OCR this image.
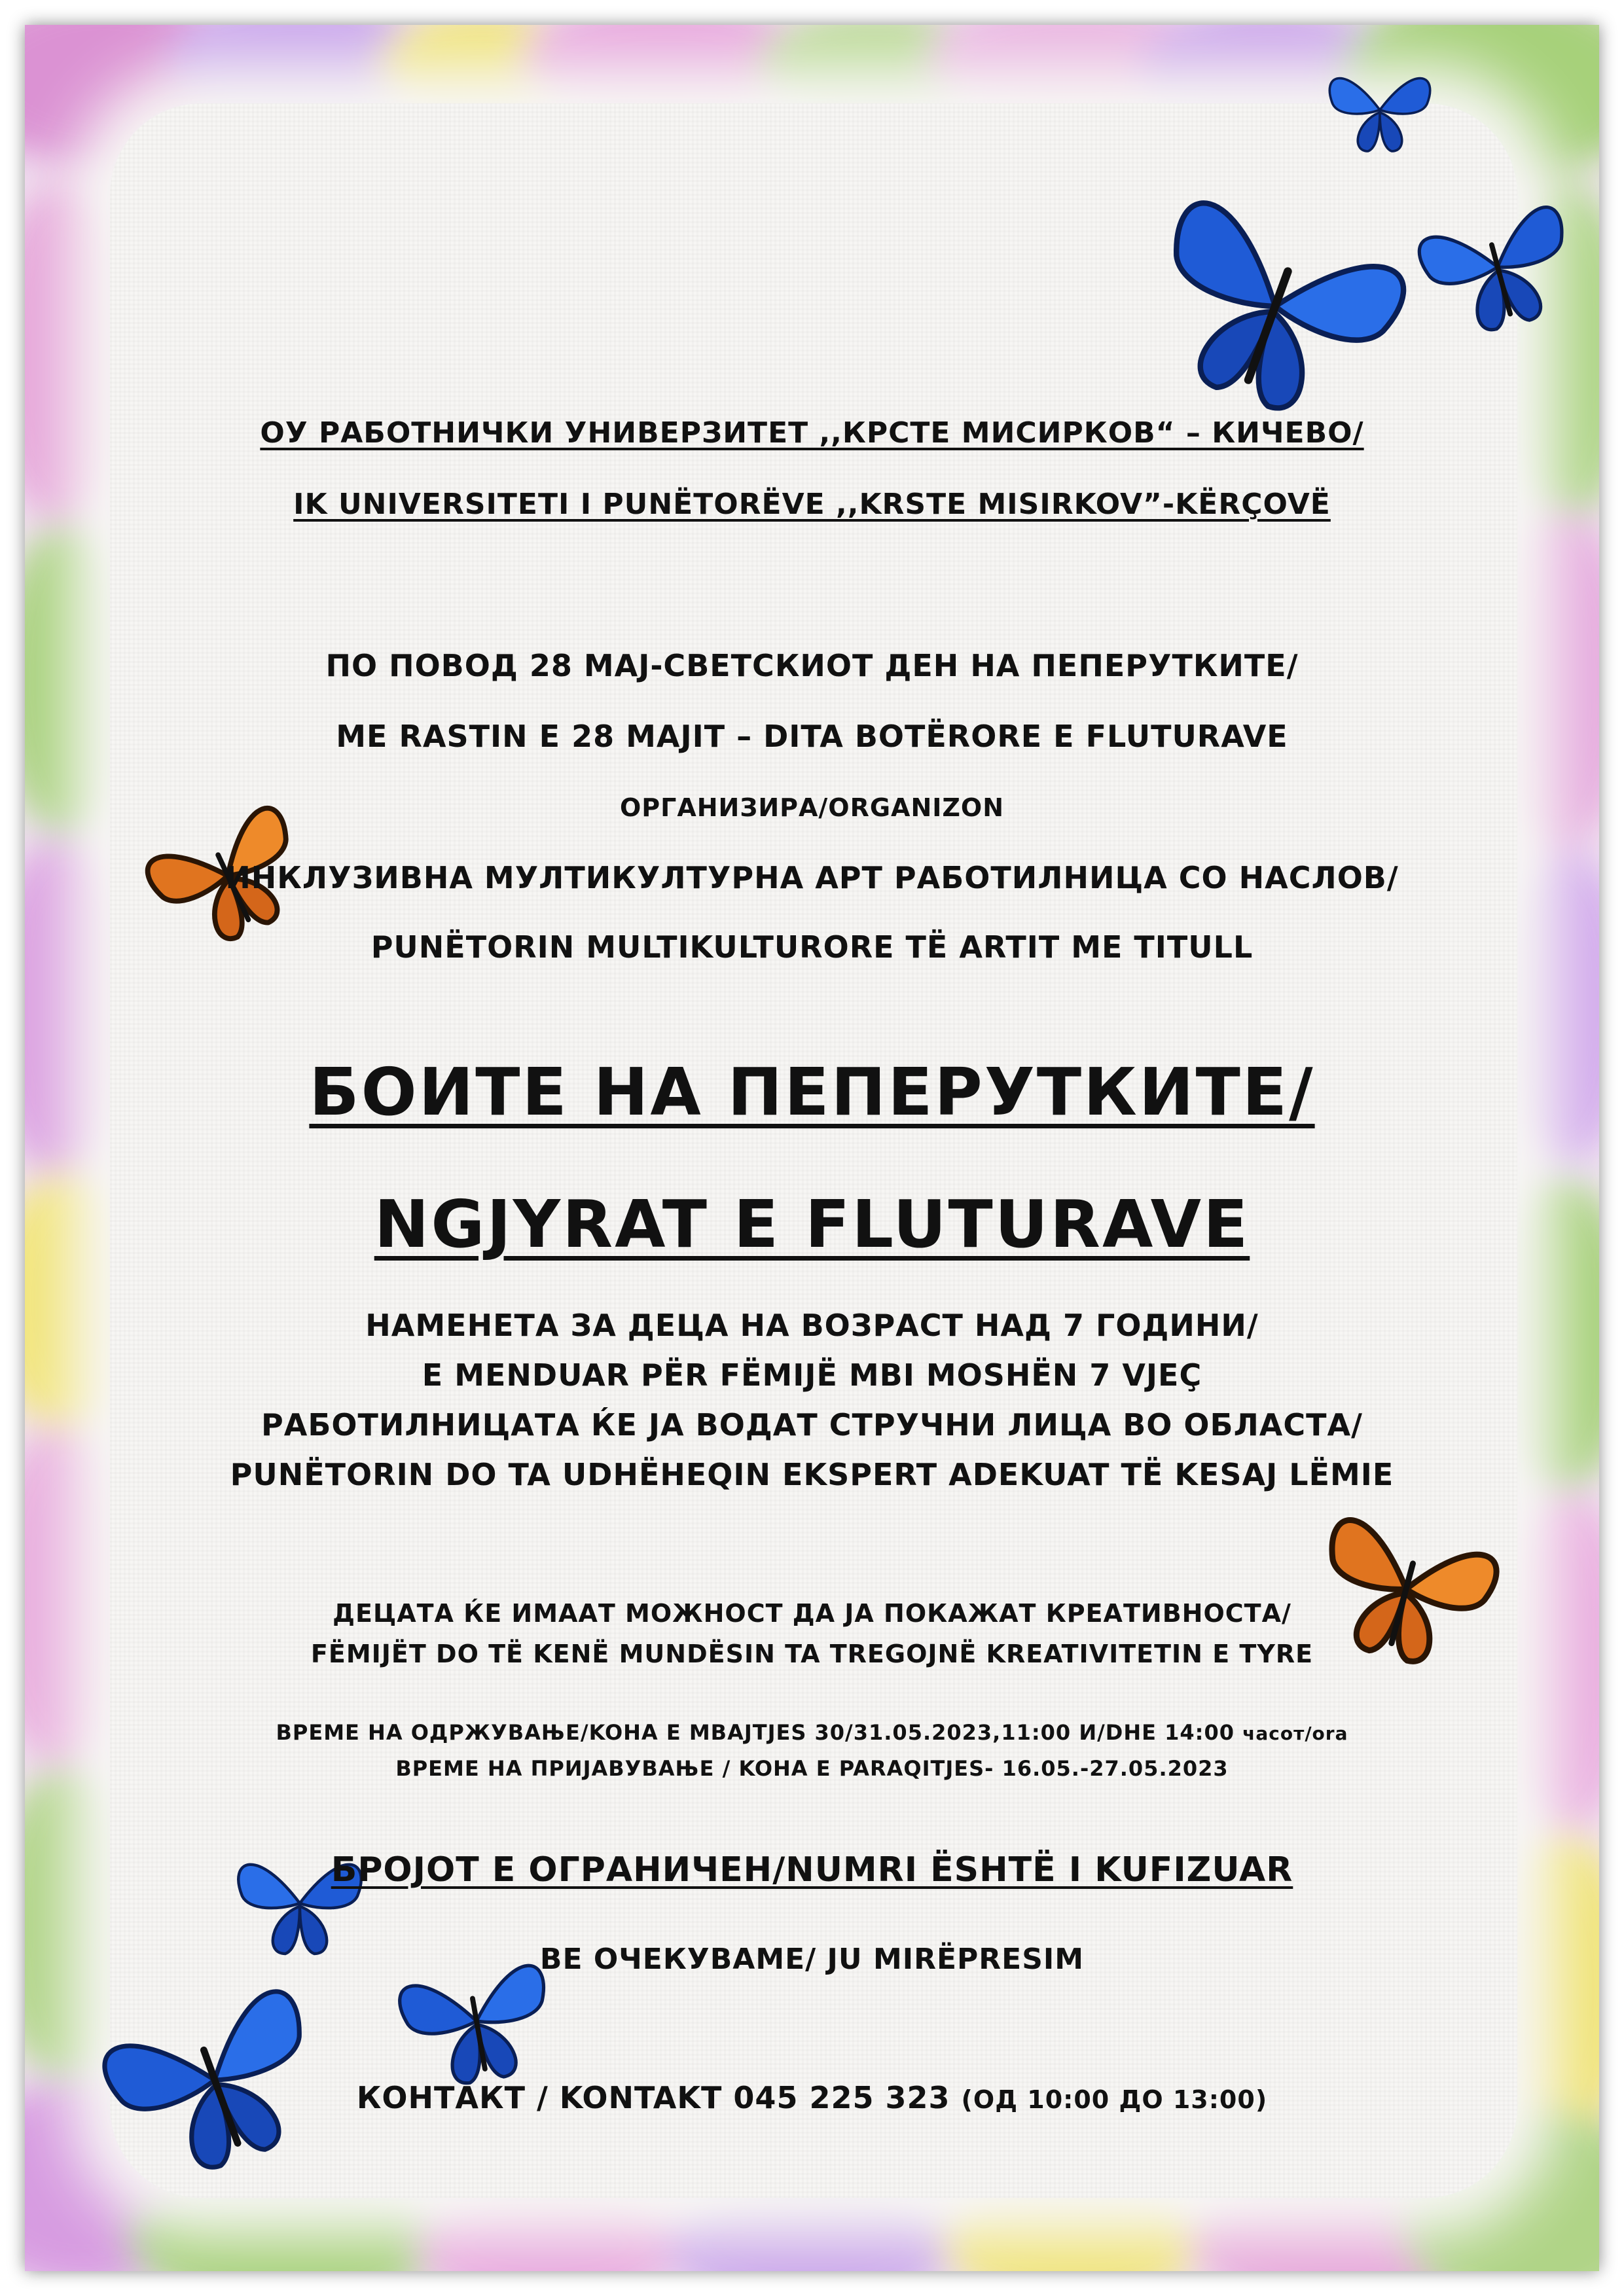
ОУ РАБОТНИЧКИ УНИВЕРЗИТЕТ ,,КРСТЕ МИСИРКОВ“ – КИЧЕВО/
IK UNIVERSITETI I PUNËTORËVE ,,KRSTE MISIRKOV”-KËRÇOVË
ПО ПОВОД 28 МАЈ-СВЕТСКИОТ ДЕН НА ПЕПЕРУТКИТЕ/
ME RASTIN E 28 MAJIT – DITA BOTËRORE E FLUTURAVE
ОРГАНИЗИРА/ORGANIZON
ИНКЛУЗИВНА МУЛТИКУЛТУРНА АРТ РАБОТИЛНИЦА СО НАСЛОВ/
PUNËTORIN MULTIKULTURORE TË ARTIT ME TITULL
БОИТЕ НА ПЕПЕРУТКИТЕ/
NGJYRAT E FLUTURAVE
НАМЕНЕТА ЗА ДЕЦА НА ВОЗРАСТ НАД 7 ГОДИНИ/
E MENDUAR PËR FËMIJË MBI MOSHËN 7 VJEÇ
РАБОТИЛНИЦАТА ЌЕ ЈА ВОДАТ СТРУЧНИ ЛИЦА ВО ОБЛАСТА/
PUNËTORIN DO TA UDHËHEQIN EKSPERT ADEKUAT TË KESAJ LËMIE
ДЕЦАТА ЌЕ ИМААТ МОЖНОСТ ДА ЈА ПОКАЖАТ КРЕАТИВНОСТА/
FËMIJËT DO TË KENË MUNDËSIN TA TREGOJNË KREATIVITETIN E TYRE
ВРЕМЕ НА ОДРЖУВАЊЕ/KOHA E MBAJTJES 30/31.05.2023,11:00 И/DHE 14:00 часот/ora
ВРЕМЕ НА ПРИЈАВУВАЊЕ / KOHA E PARAQITJES- 16.05.-27.05.2023
БРОЈОТ Е ОГРАНИЧЕН/NUMRI ËSHTË I KUFIZUAR
ВЕ ОЧЕКУВАМЕ/ JU MIRËPRESIM
КОНТАКТ / KONTAKT 045 225 323 (ОД 10:00 ДО 13:00)
